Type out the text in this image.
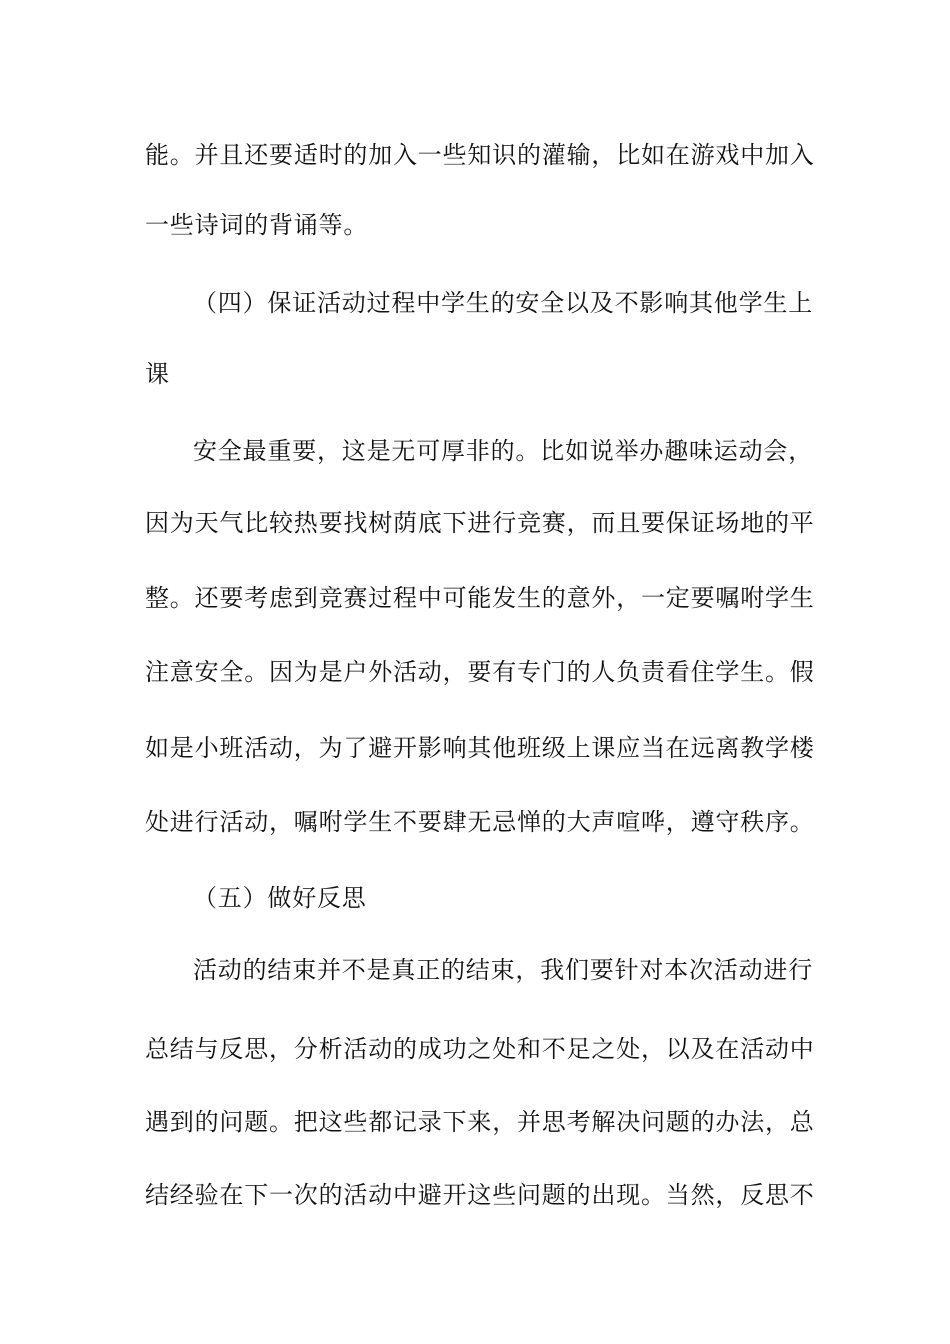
能。并且还要适时的加入一些知识的灌输，比如在游戏中加入
一些诗词的背诵等。
（四）保证活动过程中学生的安全以及不影响其他学生上
课
安全最重要，这是无可厚非的。比如说举办趣味运动会，
因为天气比较热要找树荫底下进行竞赛，而且要保证场地的平
整。还要考虑到竞赛过程中可能发生的意外，一定要嘱咐学生
注意安全。因为是户外活动，要有专门的人负责看住学生。假
如是小班活动，为了避开影响其他班级上课应当在远离教学楼
处进行活动，嘱咐学生不要肆无忌惮的大声喧哗，遵守秩序。
（五）做好反思
活动的结束并不是真正的结束，我们要针对本次活动进行
总结与反思，分析活动的成功之处和不足之处，以及在活动中
遇到的问题。把这些都记录下来，并思考解决问题的办法，总
结经验在下一次的活动中避开这些问题的出现。当然，反思不
